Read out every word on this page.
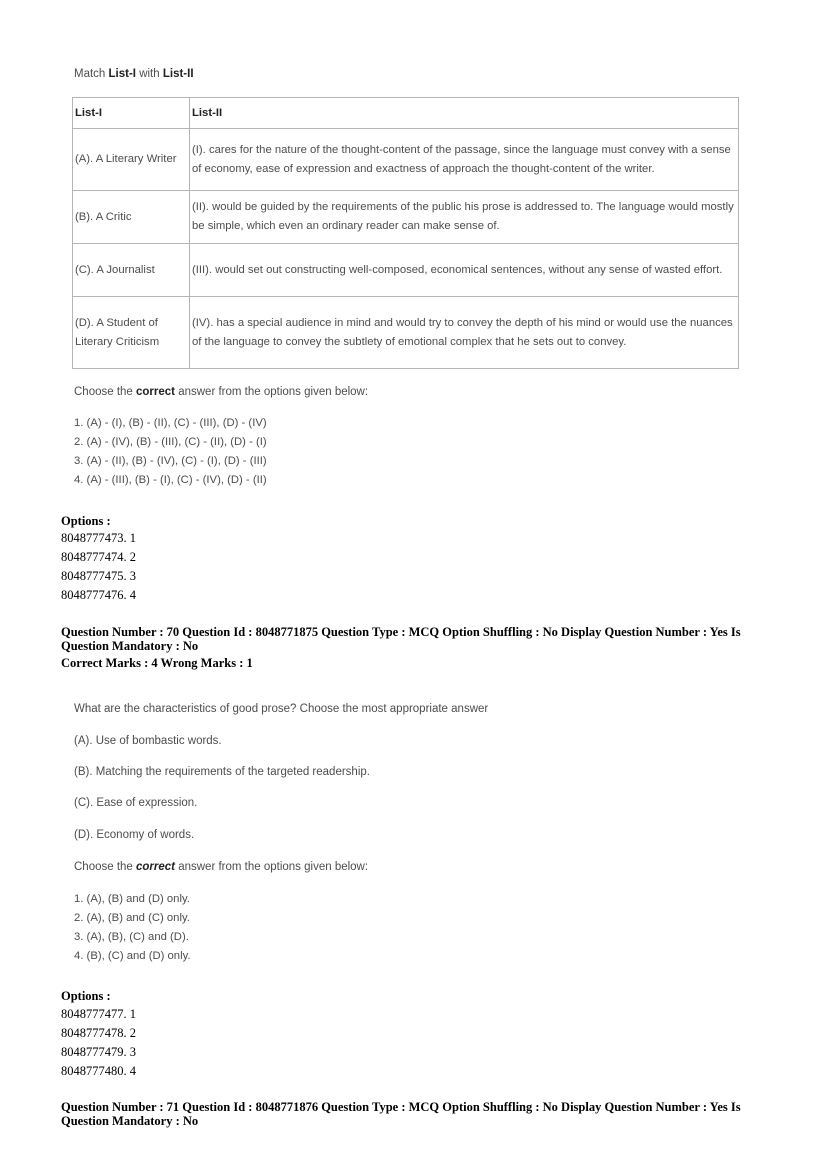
Match List-I with List-II
List-I	List-II
(A). A Literary Writer	(I). cares for the nature of the thought-content of the passage, since the language must convey with a sense of economy, ease of expression and exactness of approach the thought-content of the writer.
(B). A Critic	(II). would be guided by the requirements of the public his prose is addressed to. The language would mostly be simple, which even an ordinary reader can make sense of.
(C). A Journalist	(III). would set out constructing well-composed, economical sentences, without any sense of wasted effort.
(D). A Student of Literary Criticism	(IV). has a special audience in mind and would try to convey the depth of his mind or would use the nuances of the language to convey the subtlety of emotional complex that he sets out to convey.
Choose the correct answer from the options given below:
1. (A) - (I), (B) - (II), (C) - (III), (D) - (IV)
2. (A) - (IV), (B) - (III), (C) - (II), (D) - (I)
3. (A) - (II), (B) - (IV), (C) - (I), (D) - (III)
4. (A) - (III), (B) - (I), (C) - (IV), (D) - (II)
Options :
8048777473. 1
8048777474. 2
8048777475. 3
8048777476. 4
Question Number : 70 Question Id : 8048771875 Question Type : MCQ Option Shuffling : No Display Question Number : Yes Is
Question Mandatory : No
Correct Marks : 4 Wrong Marks : 1
What are the characteristics of good prose? Choose the most appropriate answer
(A). Use of bombastic words.
(B). Matching the requirements of the targeted readership.
(C). Ease of expression.
(D). Economy of words.
Choose the correct answer from the options given below:
1. (A), (B) and (D) only.
2. (A), (B) and (C) only.
3. (A), (B), (C) and (D).
4. (B), (C) and (D) only.
Options :
8048777477. 1
8048777478. 2
8048777479. 3
8048777480. 4
Question Number : 71 Question Id : 8048771876 Question Type : MCQ Option Shuffling : No Display Question Number : Yes Is
Question Mandatory : No
